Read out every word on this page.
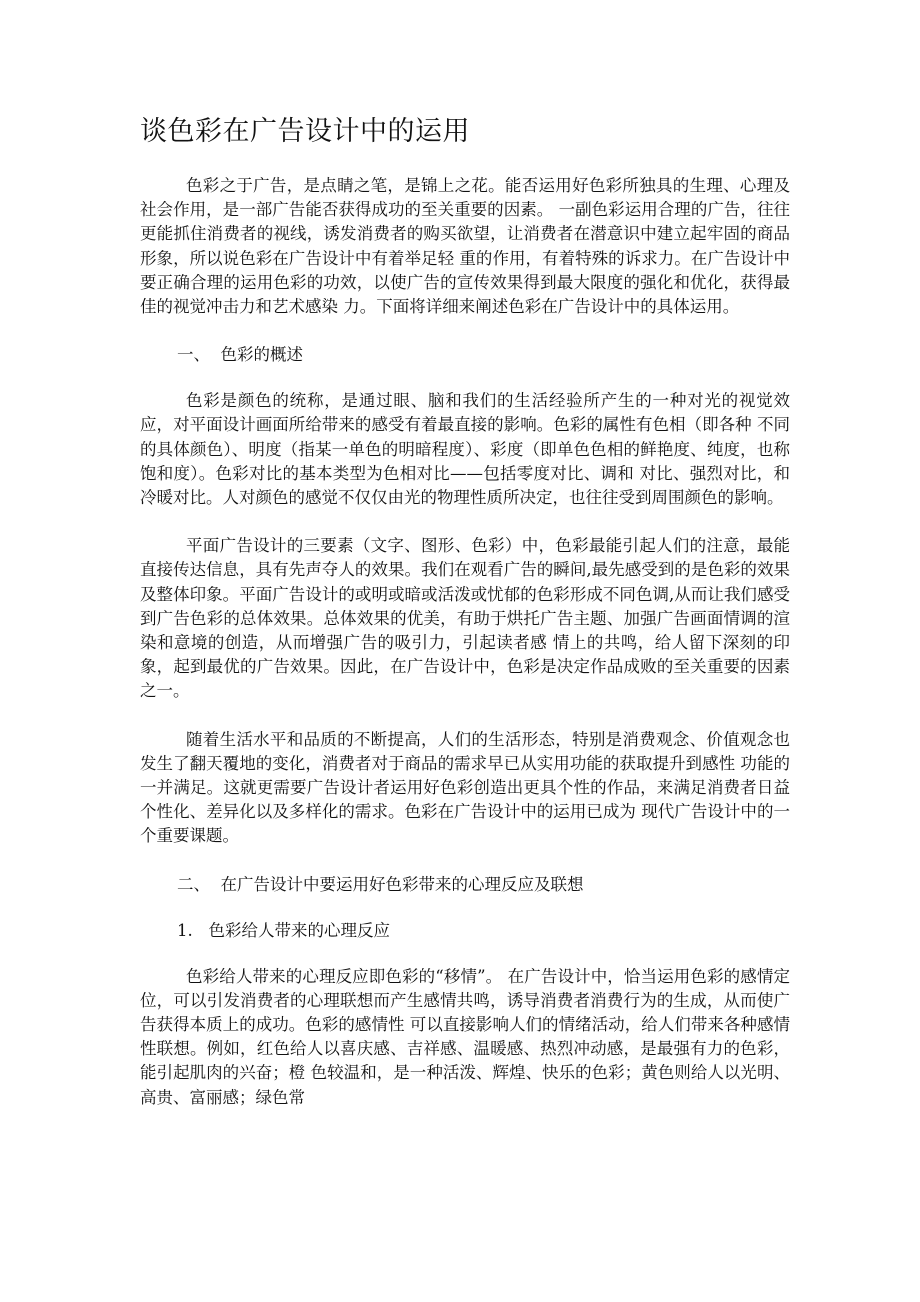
谈色彩在广告设计中的运用

色彩之于广告，是点睛之笔，是锦上之花。能否运用好色彩所独具的生理、心理及社会作用，是一部广告能否获得成功的至关重要的因素。 一副色彩运用合理的广告，往往更能抓住消费者的视线，诱发消费者的购买欲望，让消费者在潜意识中建立起牢固的商品形象，所以说色彩在广告设计中有着举足轻 重的作用，有着特殊的诉求力。在广告设计中要正确合理的运用色彩的功效，以使广告的宣传效果得到最大限度的强化和优化，获得最佳的视觉冲击力和艺术感染 力。下面将详细来阐述色彩在广告设计中的具体运用。

一、  色彩的概述

色彩是颜色的统称，是通过眼、脑和我们的生活经验所产生的一种对光的视觉效应，对平面设计画面所给带来的感受有着最直接的影响。色彩的属性有色相（即各种 不同的具体颜色）、明度（指某一单色的明暗程度）、彩度（即单色色相的鲜艳度、纯度，也称饱和度）。色彩对比的基本类型为色相对比——包括零度对比、调和 对比、强烈对比，和冷暖对比。人对颜色的感觉不仅仅由光的物理性质所决定，也往往受到周围颜色的影响。

平面广告设计的三要素（文字、图形、色彩）中，色彩最能引起人们的注意，最能直接传达信息，具有先声夺人的效果。我们在观看广告的瞬间,最先感受到的是色彩的效果及整体印象。平面广告设计的或明或暗或活泼或忧郁的色彩形成不同色调,从而让我们感受到广告色彩的总体效果。总体效果的优美，有助于烘托广告主题、加强广告画面情调的渲染和意境的创造，从而增强广告的吸引力，引起读者感 情上的共鸣，给人留下深刻的印象，起到最优的广告效果。因此，在广告设计中，色彩是决定作品成败的至关重要的因素之一。

随着生活水平和品质的不断提高，人们的生活形态，特别是消费观念、价值观念也发生了翻天覆地的变化，消费者对于商品的需求早已从实用功能的获取提升到感性 功能的一并满足。这就更需要广告设计者运用好色彩创造出更具个性的作品，来满足消费者日益个性化、差异化以及多样化的需求。色彩在广告设计中的运用已成为 现代广告设计中的一个重要课题。

二、  在广告设计中要运用好色彩带来的心理反应及联想
1.   色彩给人带来的心理反应

色彩给人带来的心理反应即色彩的“移情”。 在广告设计中，恰当运用色彩的感情定位，可以引发消费者的心理联想而产生感情共鸣，诱导消费者消费行为的生成，从而使广告获得本质上的成功。色彩的感情性 可以直接影响人们的情绪活动，给人们带来各种感情性联想。例如，红色给人以喜庆感、吉祥感、温暖感、热烈冲动感，是最强有力的色彩，能引起肌肉的兴奋；橙 色较温和，是一种活泼、辉煌、快乐的色彩；黄色则给人以光明、高贵、富丽感；绿色常
